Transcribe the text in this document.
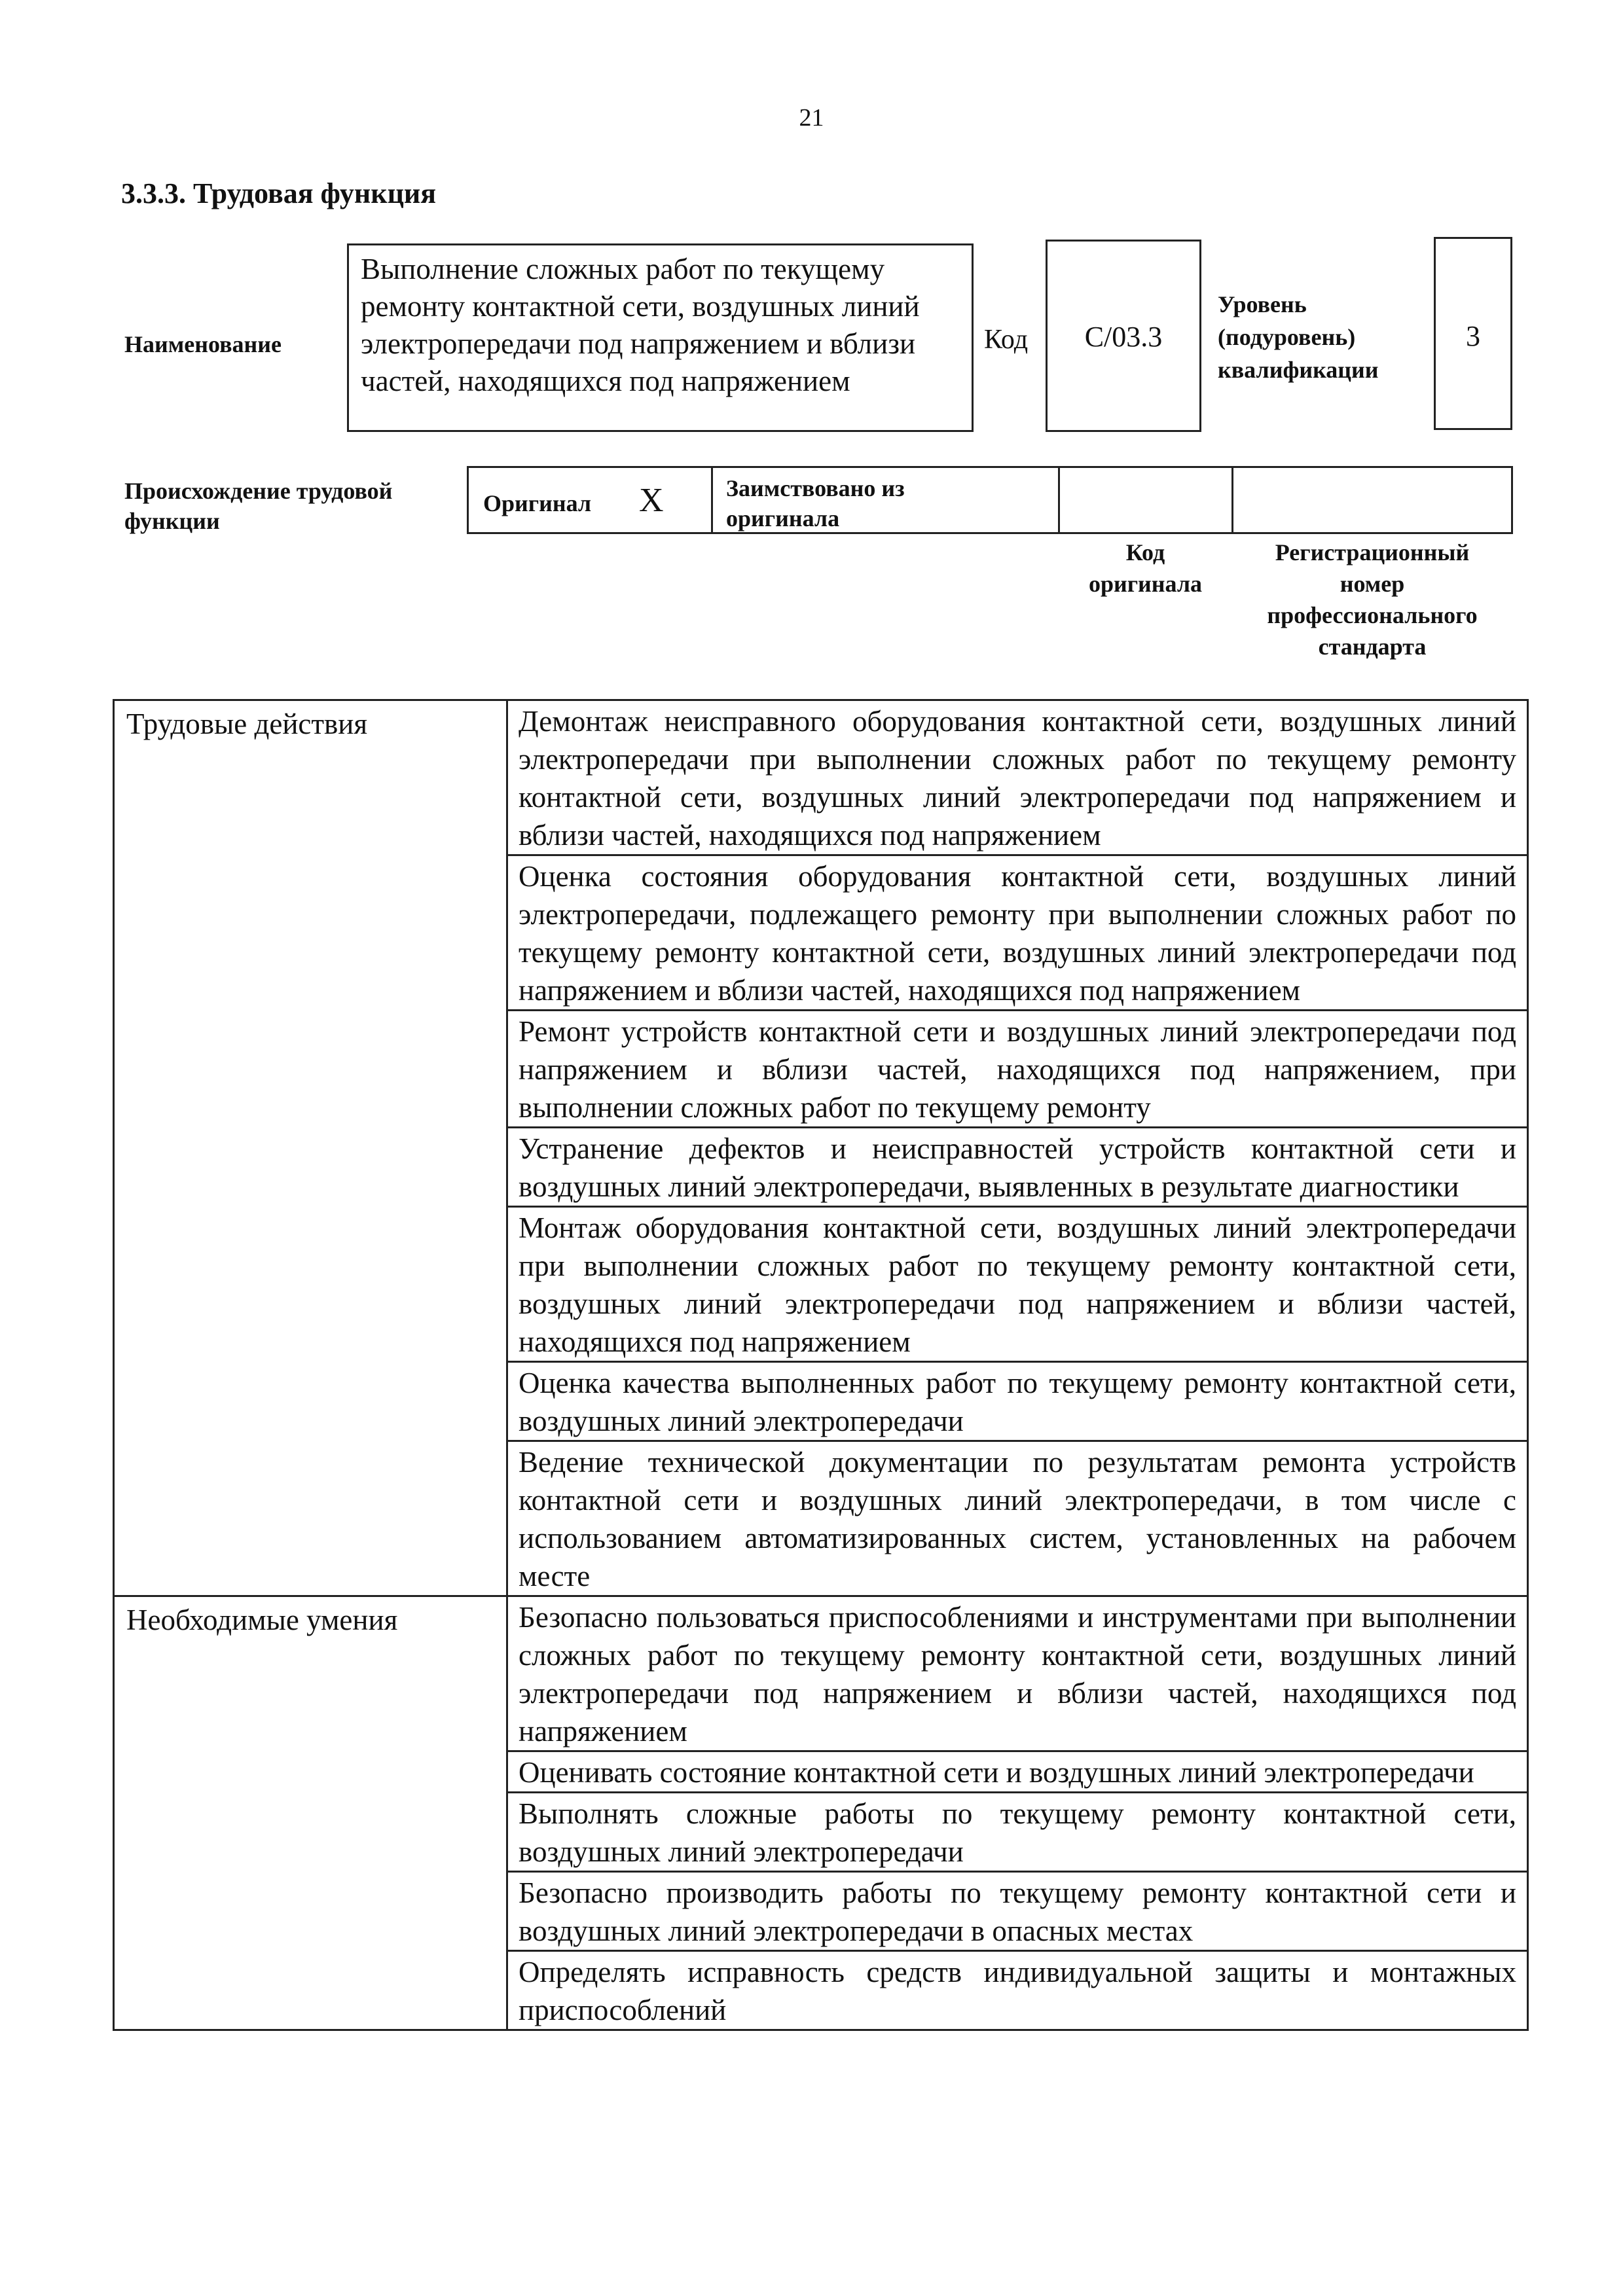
21
3.3.3. Трудовая функция
Наименование
Выполнение сложных работ по текущему ремонту контактной сети, воздушных линий электропередачи под напряжением и вблизи частей, находящихся под напряжением
Код	C/03.3
Уровень
(подуровень)
квалификации
3
Происхождение трудовой
функции
Оригинал X	Заимствовано из
оригинала
Код
оригинала
Регистрационный
номер
профессионального
стандарта
Трудовые действия	Демонтаж неисправного оборудования контактной сети, воздушных линий электропередачи при выполнении сложных работ по текущему ремонту контактной сети, воздушных линий электропередачи под напряжением и вблизи частей, находящихся под напряжением
	Оценка состояния оборудования контактной сети, воздушных линий электропередачи, подлежащего ремонту при выполнении сложных работ по текущему ремонту контактной сети, воздушных линий электропередачи под напряжением и вблизи частей, находящихся под напряжением
	Ремонт устройств контактной сети и воздушных линий электропередачи под напряжением и вблизи частей, находящихся под напряжением, при выполнении сложных работ по текущему ремонту
	Устранение дефектов и неисправностей устройств контактной сети и воздушных линий электропередачи, выявленных в результате диагностики
	Монтаж оборудования контактной сети, воздушных линий электропередачи при выполнении сложных работ по текущему ремонту контактной сети, воздушных линий электропередачи под напряжением и вблизи частей, находящихся под напряжением
	Оценка качества выполненных работ по текущему ремонту контактной сети, воздушных линий электропередачи
	Ведение технической документации по результатам ремонта устройств контактной сети и воздушных линий электропередачи, в том числе с использованием автоматизированных систем, установленных на рабочем месте
Необходимые умения	Безопасно пользоваться приспособлениями и инструментами при выполнении сложных работ по текущему ремонту контактной сети, воздушных линий электропередачи под напряжением и вблизи частей, находящихся под напряжением
	Оценивать состояние контактной сети и воздушных линий электропередачи
	Выполнять сложные работы по текущему ремонту контактной сети, воздушных линий электропередачи
	Безопасно производить работы по текущему ремонту контактной сети и воздушных линий электропередачи в опасных местах
	Определять исправность средств индивидуальной защиты и монтажных приспособлений
